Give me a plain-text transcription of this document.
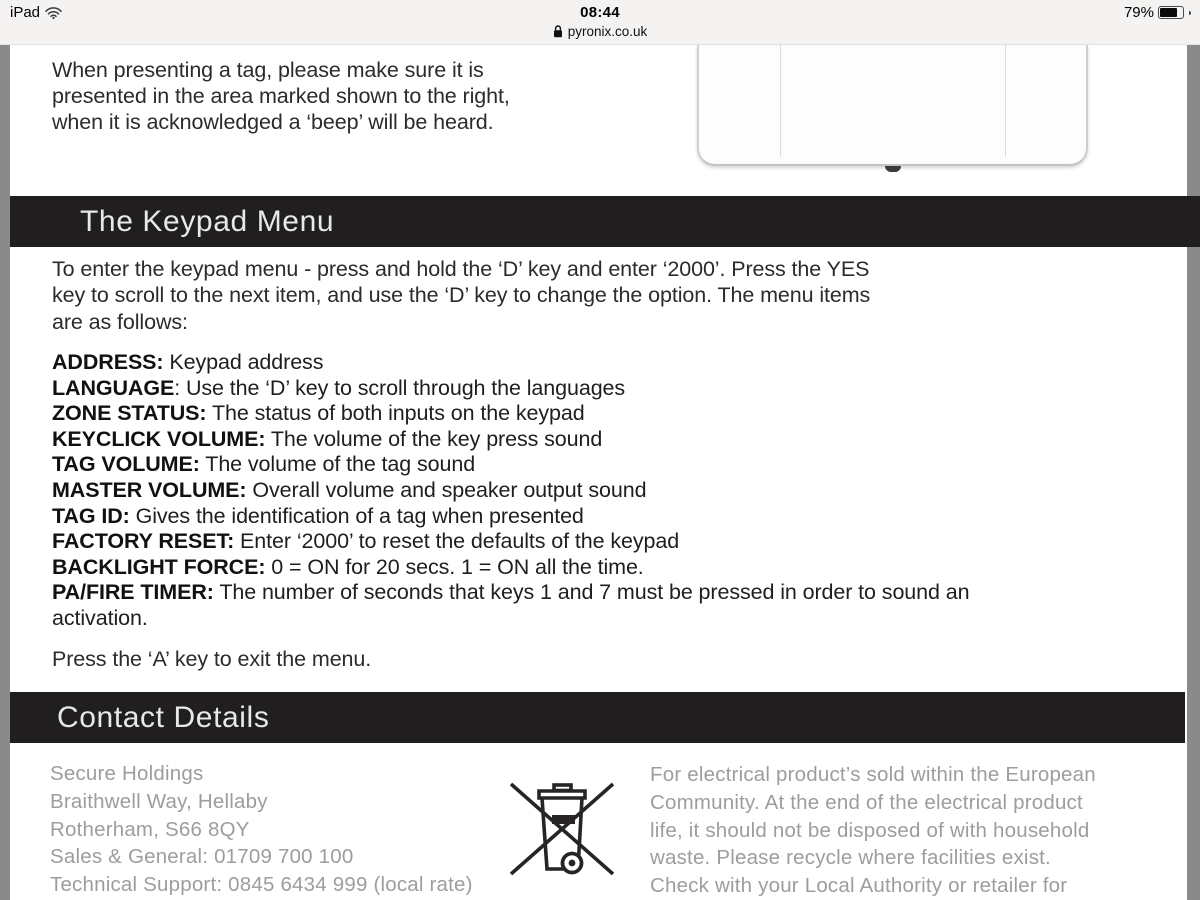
iPad	08:44
pyronix.co.uk
79%
When presenting a tag, please make sure it is
presented in the area marked shown to the right,
when it is acknowledged a ‘beep’ will be heard.
The Keypad Menu
To enter the keypad menu - press and hold the ‘D’ key and enter ‘2000’. Press the YES
key to scroll to the next item, and use the ‘D’ key to change the option. The menu items
are as follows:
ADDRESS: Keypad address
LANGUAGE: Use the ‘D’ key to scroll through the languages
ZONE STATUS: The status of both inputs on the keypad
KEYCLICK VOLUME: The volume of the key press sound
TAG VOLUME: The volume of the tag sound
MASTER VOLUME: Overall volume and speaker output sound
TAG ID: Gives the identification of a tag when presented
FACTORY RESET: Enter ‘2000’ to reset the defaults of the keypad
BACKLIGHT FORCE: 0 = ON for 20 secs. 1 = ON all the time.
PA/FIRE TIMER: The number of seconds that keys 1 and 7 must be pressed in order to sound an activation.
Press the ‘A’ key to exit the menu.
Contact Details
Secure Holdings
Braithwell Way, Hellaby
Rotherham, S66 8QY
Sales & General: 01709 700 100
Technical Support: 0845 6434 999 (local rate)
For electrical product’s sold within the European
Community. At the end of the electrical product
life, it should not be disposed of with household
waste. Please recycle where facilities exist.
Check with your Local Authority or retailer for
